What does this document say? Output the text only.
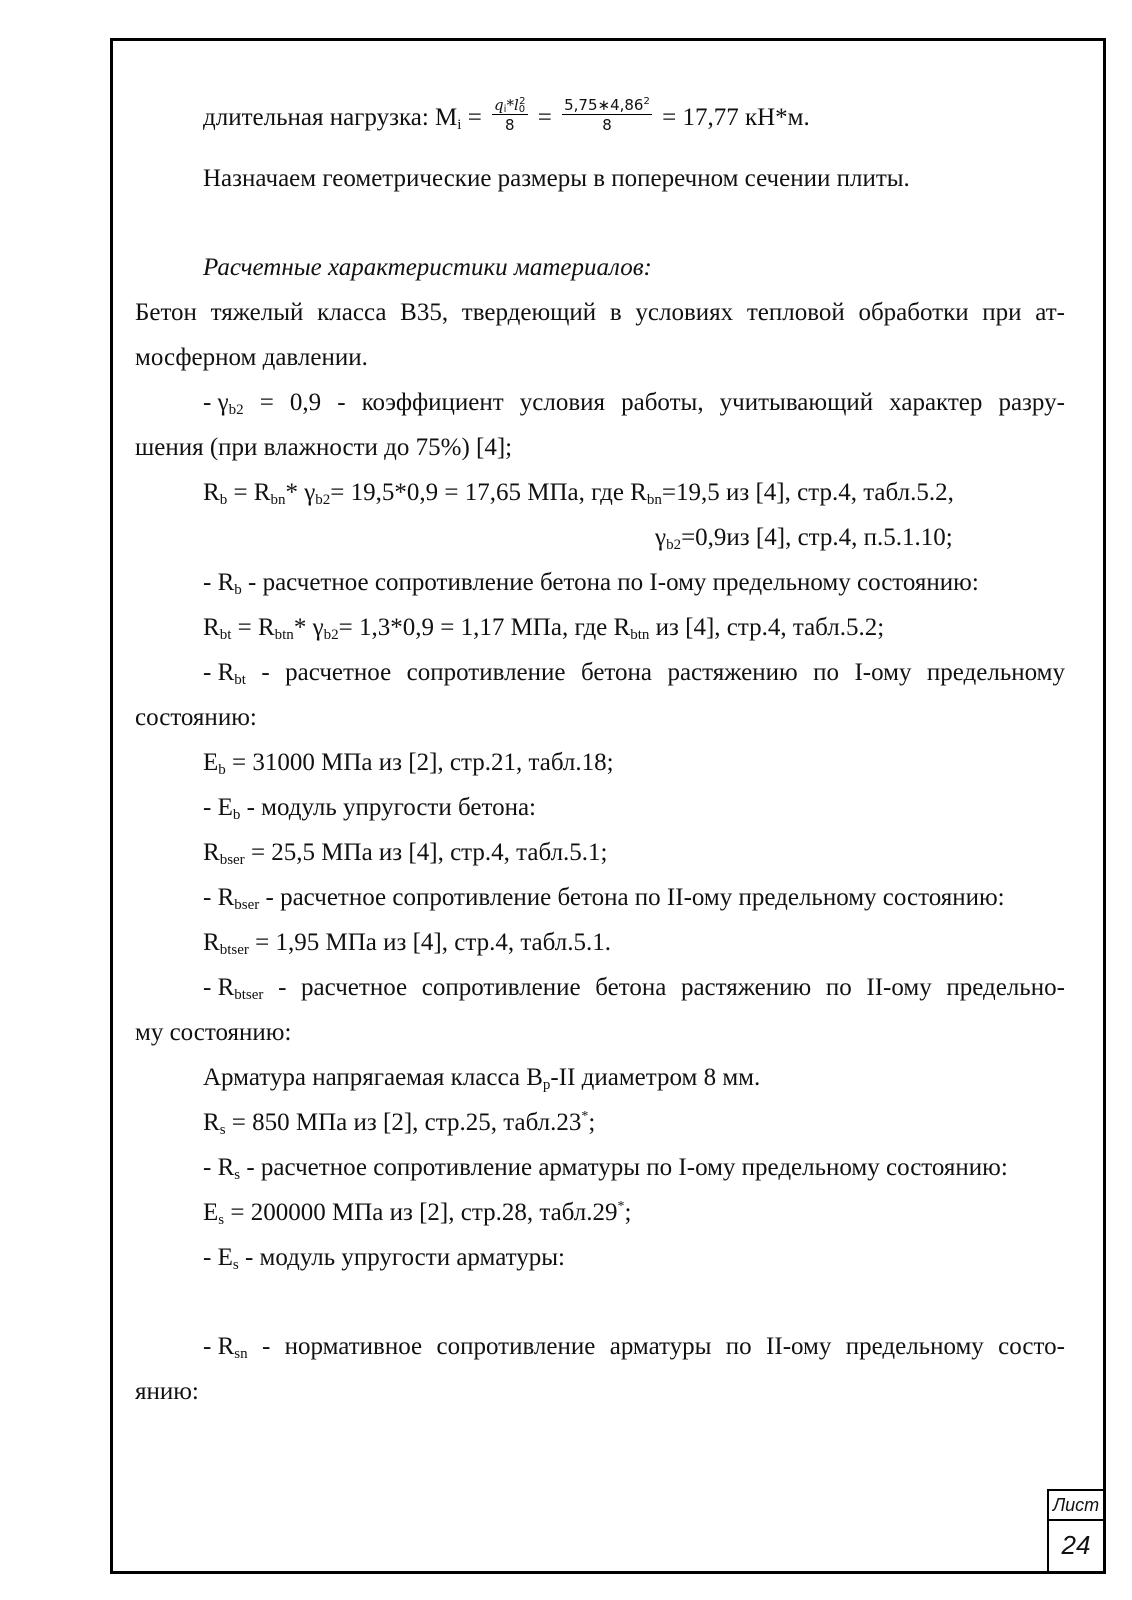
длительная нагрузка: $M_i = \frac{q_i*l_0^2}{8} = \frac{5,75∗4,86^2}{8} = 17,77$ кН*м.
Назначаем геометрические размеры в поперечном сечении плиты.
Расчетные характеристики материалов:
Бетон тяжелый класса В35, твердеющий в условиях тепловой обработки при ат-
мосферном давлении.
- $\gamma_{b2} = 0,9$ - коэффициент условия работы, учитывающий характер разру-
шения (при влажности до 75%) [4];
$R_b = R_{bn}*$ $\gamma_{b2}= 19,5*0,9 = 17,65$ МПа, где $R_{bn}=19,5$ из [4], стр.4, табл.5.2,
$\gamma_{b2}=0,9из$ [4], стр.4, п.5.1.10;
- $R_b$ - расчетное сопротивление бетона по I-ому предельному состоянию:
$R_{bt} = R_{btn}*$ $\gamma_{b2}= 1,3*0,9 = 1,17$ МПа, где $R_{btn}$ из [4], стр.4, табл.5.2;
- $R_{bt}$ - расчетное сопротивление бетона растяжению по I-ому предельному
состоянию:
$E_b = 31000$ МПа из [2], стр.21, табл.18;
- $E_b$ - модуль упругости бетона:
$R_{bser} = 25,5$ МПа из [4], стр.4, табл.5.1;
- $R_{bser}$ - расчетное сопротивление бетона по II-ому предельному состоянию:
$R_{btser} = 1,95$ МПа из [4], стр.4, табл.5.1.
- $R_{btser}$ - расчетное сопротивление бетона растяжению по II-ому предельно-
му состоянию:
Арматура напрягаемая класса $В_р-II$ диаметром 8 мм.
$R_s = 850$ МПа из [2], стр.25, табл.23*;
- $R_s$ - расчетное сопротивление арматуры по I-ому предельному состоянию:
$E_s = 200000$ МПа из [2], стр.28, табл.29*;
- $E_s$ - модуль упругости арматуры:
- $R_{sn}$ - нормативное сопротивление арматуры по II-ому предельному состо-
янию:
Лист
24
